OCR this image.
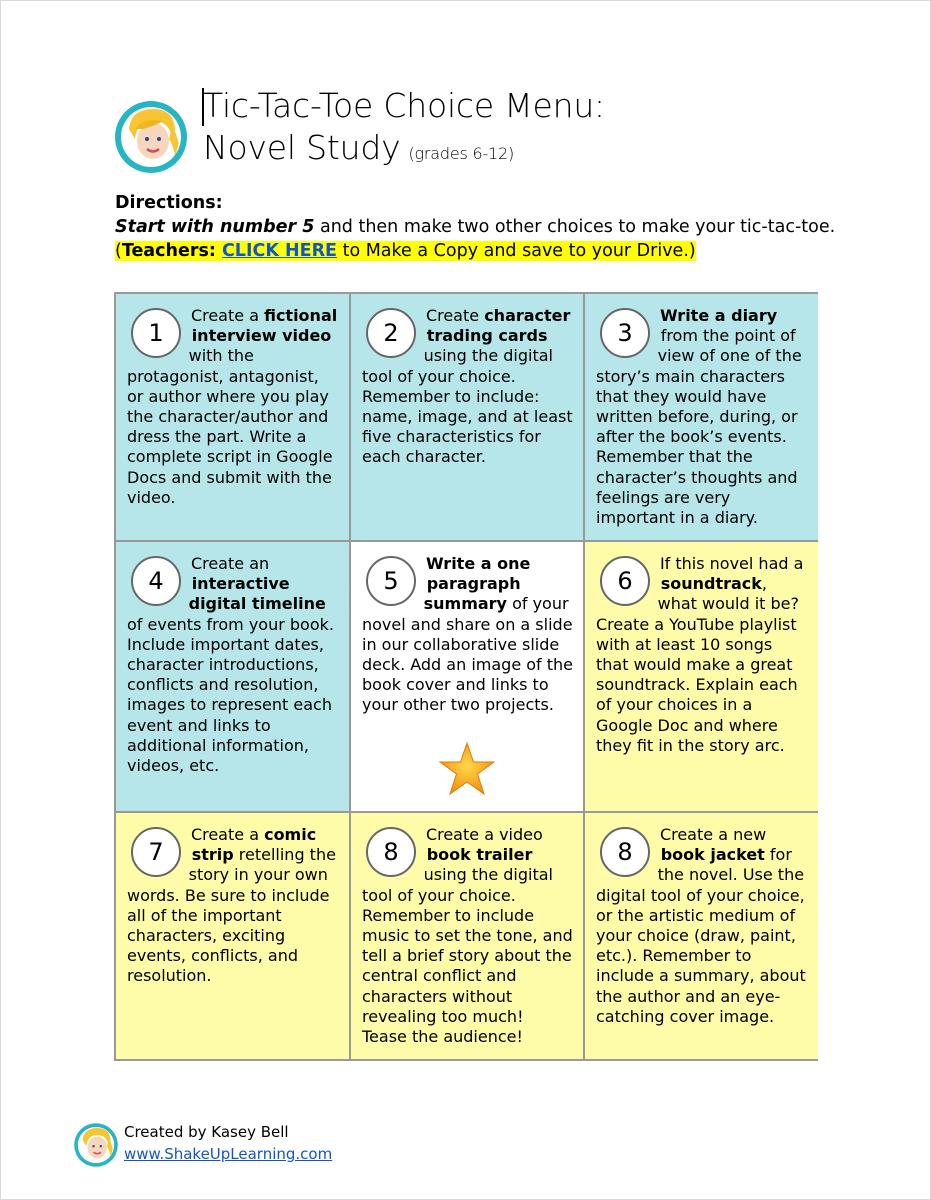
Tic-Tac-Toe Choice Menu:
Novel Study (grades 6-12)
Directions:
Start with number 5 and then make two other choices to make your tic-tac-toe.
(Teachers: CLICK HERE to Make a Copy and save to your Drive.)
1
Create a fictional interview video with the protagonist, antagonist, or author where you play the character/author and dress the part. Write a complete script in Google Docs and submit with the video.
2
Create character trading cards using the digital tool of your choice. Remember to include: name, image, and at least five characteristics for each character.
3
Write a diary from the point of view of one of the story’s main characters that they would have written before, during, or after the book’s events. Remember that the character’s thoughts and feelings are very important in a diary.
4
Create an interactive digital timeline of events from your book. Include important dates, character introductions, conflicts and resolution, images to represent each event and links to additional information, videos, etc.
5
Write a one paragraph summary of your novel and share on a slide in our collaborative slide deck. Add an image of the book cover and links to your other two projects.
6
If this novel had a soundtrack, what would it be? Create a YouTube playlist with at least 10 songs that would make a great soundtrack. Explain each of your choices in a Google Doc and where they fit in the story arc.
7
Create a comic strip retelling the story in your own words. Be sure to include all of the important characters, exciting events, conflicts, and resolution.
8
Create a video book trailer using the digital tool of your choice. Remember to include music to set the tone, and tell a brief story about the central conflict and characters without revealing too much! Tease the audience!
8
Create a new book jacket for the novel. Use the digital tool of your choice, or the artistic medium of your choice (draw, paint, etc.). Remember to include a summary, about the author and an eye-catching cover image.
Created by Kasey Bell
www.ShakeUpLearning.com
